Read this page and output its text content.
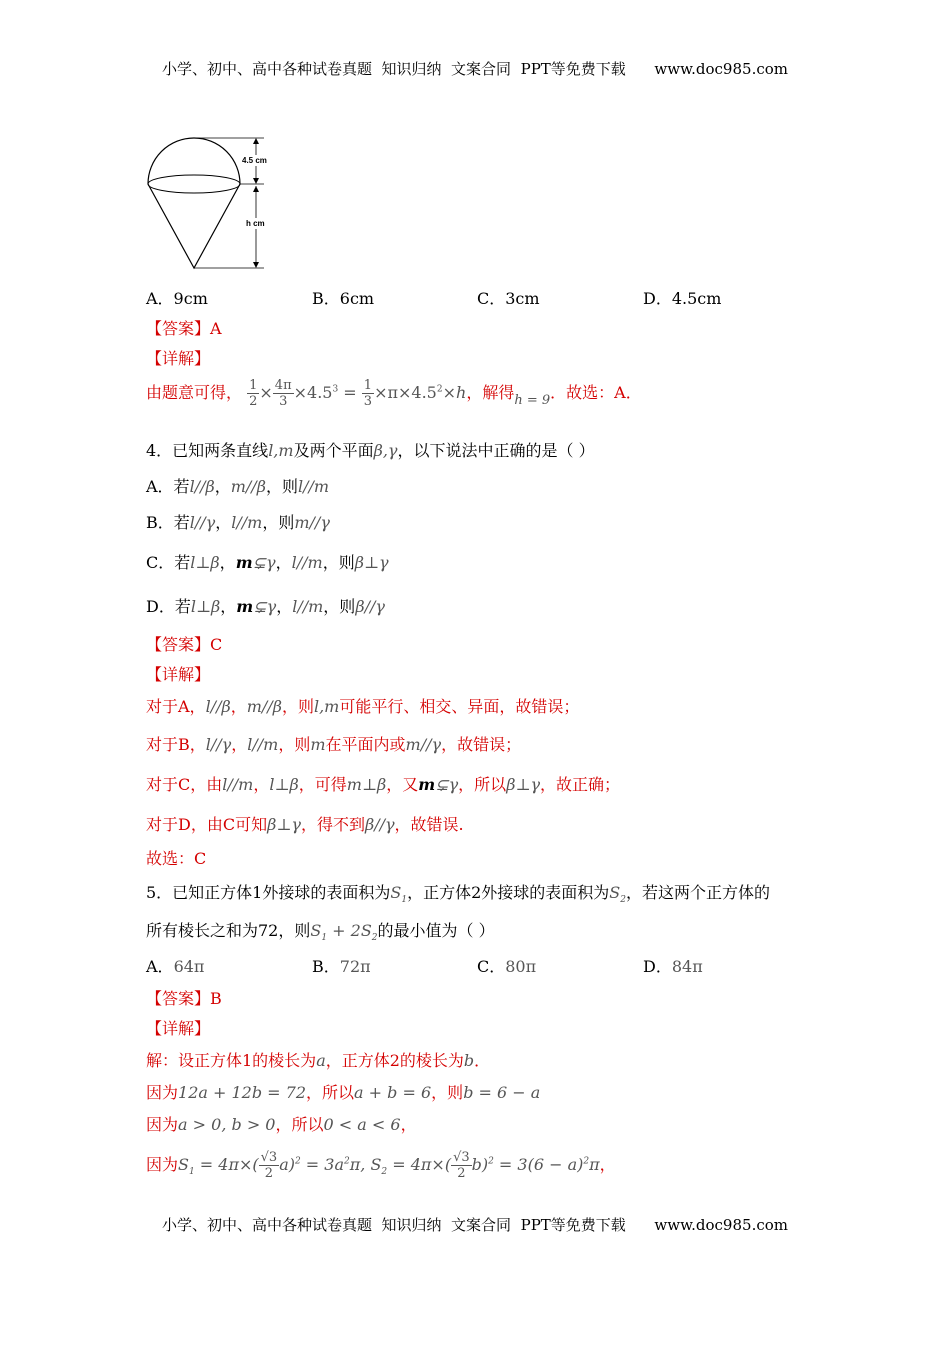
小学、初中、高中各种试卷真题  知识归纳  文案合同  PPT等免费下载      www.doc985.com
4.5 cm
h cm
A．9cm	B．6cm	C．3cm	D．4.5cm
【答案】A
【详解】
由题意可得， $\frac{1}{2} \times \frac{4\pi}{3} \times 4.5^3 = \frac{1}{3} \times\pi\times 4.5^2\times h$，解得$_{h = 9}$．故选：A．
4．已知两条直线l,m及两个平面β,γ，以下说法中正确的是（ ）
A．若l//β，m//β，则l//m
B．若l//γ，l//m，则m//γ
C．若l⊥β，m⊊γ，l//m，则β⊥γ
D．若l⊥β，m⊊γ，l//m，则β//γ
【答案】C
【详解】
对于A，l//β，m//β，则l,m可能平行、相交、异面，故错误；
对于B，l//γ，l//m，则m在平面内或m//γ，故错误；
对于C，由l//m，l⊥β，可得m⊥β，又m⊊γ，所以β⊥γ，故正确；
对于D，由C可知β⊥γ，得不到β//γ，故错误.
故选：C
5．已知正方体1外接球的表面积为$S_1$，正方体2外接球的表面积为$S_2$，若这两个正方体的
所有棱长之和为72，则$S_1 + 2S_2$的最小值为（ ）
A．64π	B．72π	C．80π	D．84π
【答案】B
【详解】
解：设正方体1的棱长为a，正方体2的棱长为b．
因为12a + 12b = 72，所以a + b = 6，则b = 6 − a
因为a > 0, b > 0，所以0 < a < 6，
因为$S_1 = 4\pi\times( \frac{√3}{2} a)^2 = 3a^2\pi$, $S_2 = 4\pi\times( \frac{√3}{2} b)^2 = 3(6 - a)^2\pi$，
小学、初中、高中各种试卷真题  知识归纳  文案合同  PPT等免费下载      www.doc985.com
